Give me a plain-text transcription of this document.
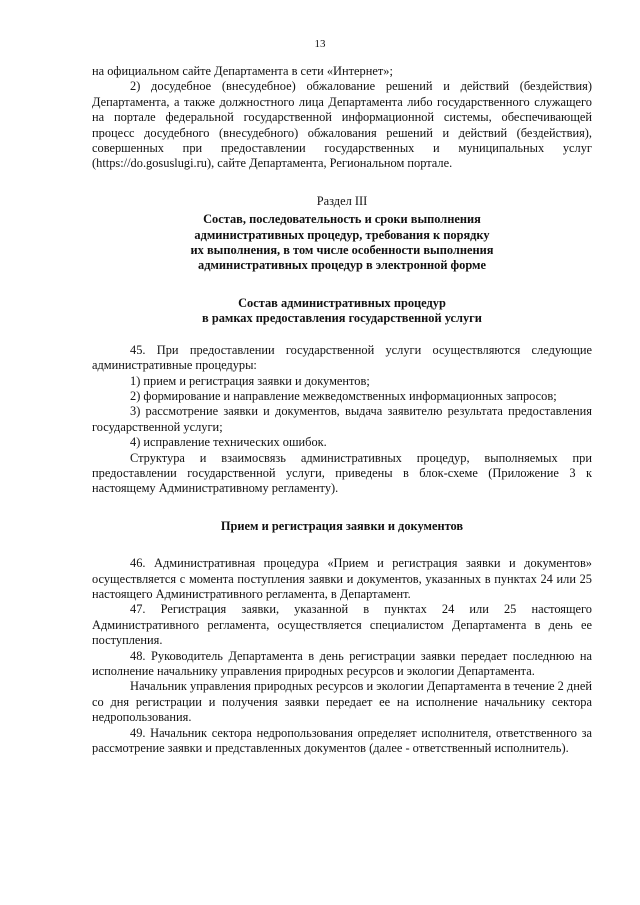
13

на официальном сайте Департамента в сети «Интернет»;

2) досудебное (внесудебное) обжалование решений и действий (бездействия) Департамента, а также должностного лица Департамента либо государственного служащего на портале федеральной государственной информационной системы, обеспечивающей процесс досудебного (внесудебного) обжалования решений и действий (бездействия), совершенных при предоставлении государственных и муниципальных услуг (https://do.gosuslugi.ru), сайте Департамента, Региональном портале.

Раздел III

Состав, последовательность и сроки выполнения

административных процедур, требования к порядку

их выполнения, в том числе особенности выполнения

административных процедур в электронной форме

Состав административных процедур

в рамках предоставления государственной услуги

45. При предоставлении государственной услуги осуществляются следующие административные процедуры:

1) прием и регистрация заявки и документов;

2) формирование и направление межведомственных информационных запросов;

3) рассмотрение заявки и документов, выдача заявителю результата предоставления государственной услуги;

4) исправление технических ошибок.

Структура и взаимосвязь административных процедур, выполняемых при предоставлении государственной услуги, приведены в блок-схеме (Приложение 3 к настоящему Административному регламенту).

Прием и регистрация заявки и документов

46. Административная процедура «Прием и регистрация заявки и документов» осуществляется с момента поступления заявки и документов, указанных в пунктах 24 или 25 настоящего Административного регламента, в Департамент.

47. Регистрация заявки, указанной в пунктах 24 или 25 настоящего Административного регламента, осуществляется специалистом Департамента в день ее поступления.

48. Руководитель Департамента в день регистрации заявки передает последнюю на исполнение начальнику управления природных ресурсов и экологии Департамента.

Начальник управления природных ресурсов и экологии Департамента в течение 2 дней со дня регистрации и получения заявки передает ее на исполнение начальнику сектора недропользования.

49. Начальник сектора недропользования определяет исполнителя, ответственного за рассмотрение заявки и представленных документов (далее - ответственный исполнитель).
